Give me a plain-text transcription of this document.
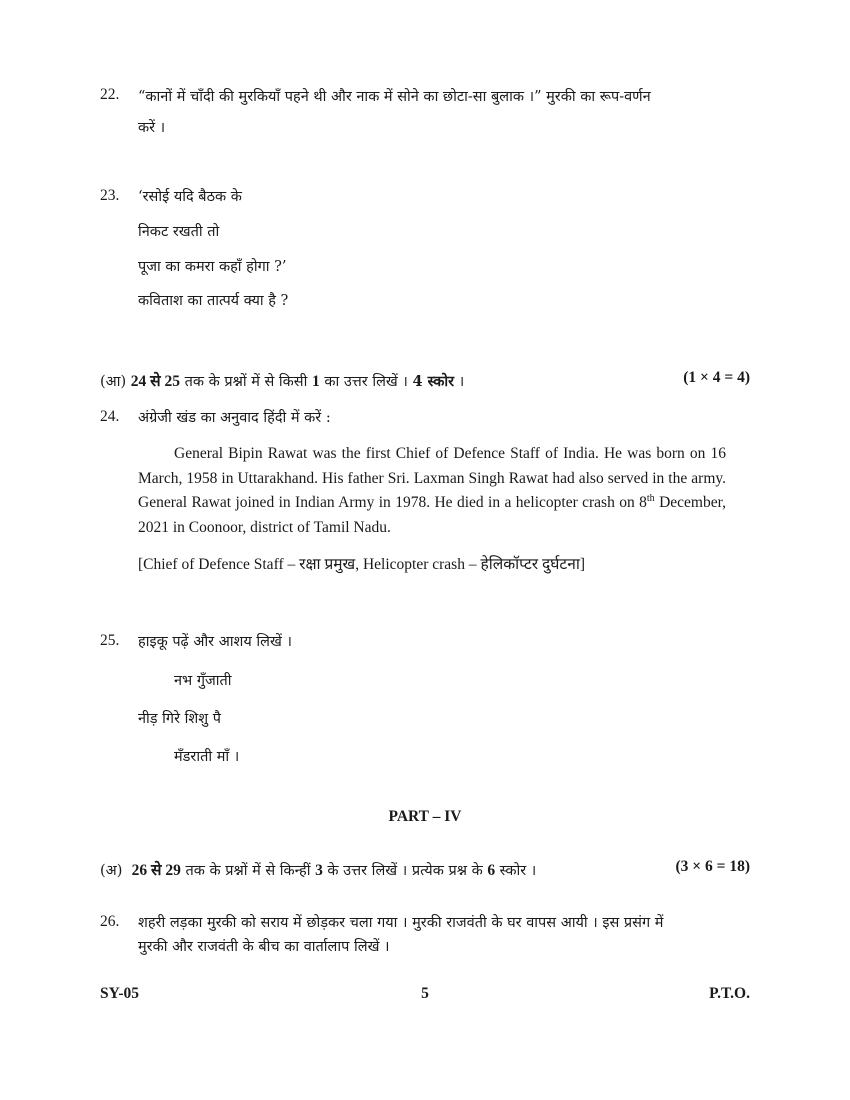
22. “कानों में चाँदी की मुरकियाँ पहने थी और नाक में सोने का छोटा-सा बुलाक ।” मुरकी का रूप-वर्णन
करें ।
23. ‘रसोई यदि बैठक के
निकट रखती तो
पूजा का कमरा कहाँ होगा ?’
कविताश का तात्पर्य क्या है ?
(आ) 24 से 25 तक के प्रश्नों में से किसी 1 का उत्तर लिखें । 4 स्कोर ।	(1 × 4 = 4)
24. अंग्रेजी खंड का अनुवाद हिंदी में करें :
General Bipin Rawat was the first Chief of Defence Staff of India. He was born on 16 March, 1958 in Uttarakhand. His father Sri. Laxman Singh Rawat had also served in the army. General Rawat joined in Indian Army in 1978. He died in a helicopter crash on 8th December, 2021 in Coonoor, district of Tamil Nadu.
[Chief of Defence Staff – रक्षा प्रमुख, Helicopter crash – हेलिकॉप्टर दुर्घटना]
25. हाइकू पढ़ें और आशय लिखें ।
नभ गुँजाती
नीड़ गिरे शिशु पै
मँडराती माँ ।
PART – IV
(अ) 26 से 29 तक के प्रश्नों में से किन्हीं 3 के उत्तर लिखें । प्रत्येक प्रश्न के 6 स्कोर ।	(3 × 6 = 18)
26. शहरी लड़का मुरकी को सराय में छोड़कर चला गया । मुरकी राजवंती के घर वापस आयी । इस प्रसंग में
मुरकी और राजवंती के बीच का वार्तालाप लिखें ।
SY-05	5	P.T.O.
